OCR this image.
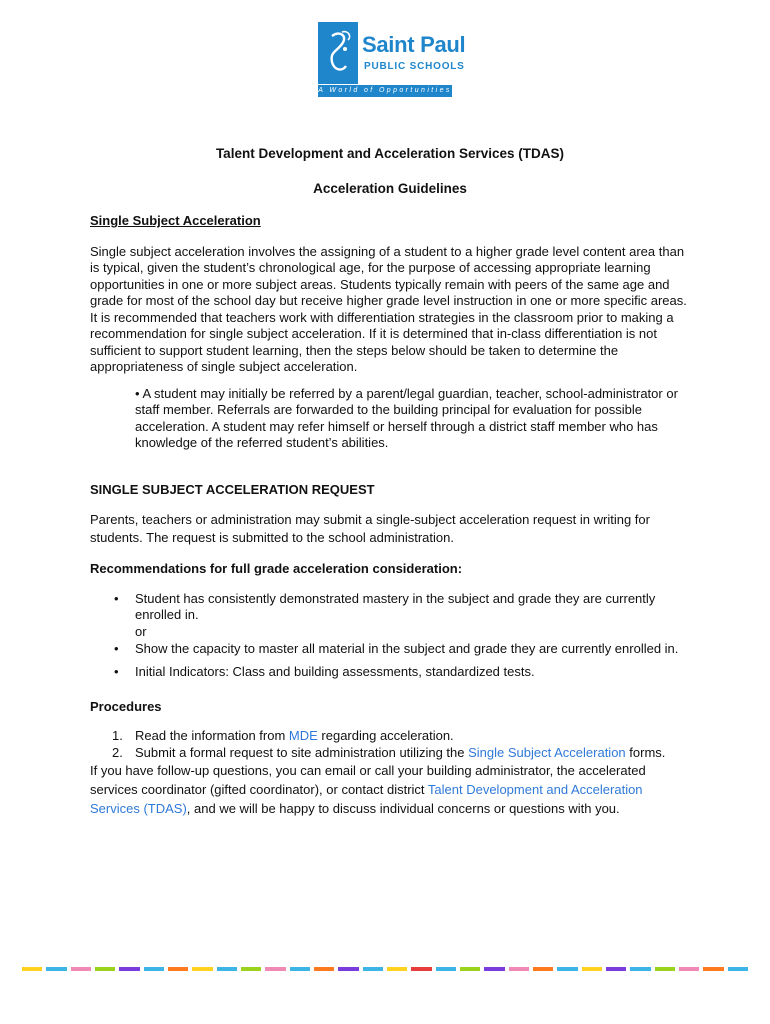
Saint Paul
PUBLIC SCHOOLS
A World of Opportunities
Talent Development and Acceleration Services (TDAS)
Acceleration Guidelines
Single Subject Acceleration

Single subject acceleration involves the assigning of a student to a higher grade level content area than is typical, given the student’s chronological age, for the purpose of accessing appropriate learning opportunities in one or more subject areas. Students typically remain with peers of the same age and grade for most of the school day but receive higher grade level instruction in one or more specific areas. It is recommended that teachers work with differentiation strategies in the classroom prior to making a recommendation for single subject acceleration. If it is determined that in-class differentiation is not sufficient to support student learning, then the steps below should be taken to determine the appropriateness of single subject acceleration.

• A student may initially be referred by a parent/legal guardian, teacher, school-administrator or staff member. Referrals are forwarded to the building principal for evaluation for possible acceleration. A student may refer himself or herself through a district staff member who has knowledge of the referred student’s abilities.

SINGLE SUBJECT ACCELERATION REQUEST

Parents, teachers or administration may submit a single-subject acceleration request in writing for students. The request is submitted to the school administration.

Recommendations for full grade acceleration consideration:
• Student has consistently demonstrated mastery in the subject and grade they are currently enrolled in.
or
• Show the capacity to master all material in the subject and grade they are currently enrolled in.
• Initial Indicators: Class and building assessments, standardized tests.
Procedures
1. Read the information from MDE regarding acceleration.
2. Submit a formal request to site administration utilizing the Single Subject Acceleration forms.

If you have follow-up questions, you can email or call your building administrator, the accelerated services coordinator (gifted coordinator), or contact district Talent Development and Acceleration Services (TDAS), and we will be happy to discuss individual concerns or questions with you.
